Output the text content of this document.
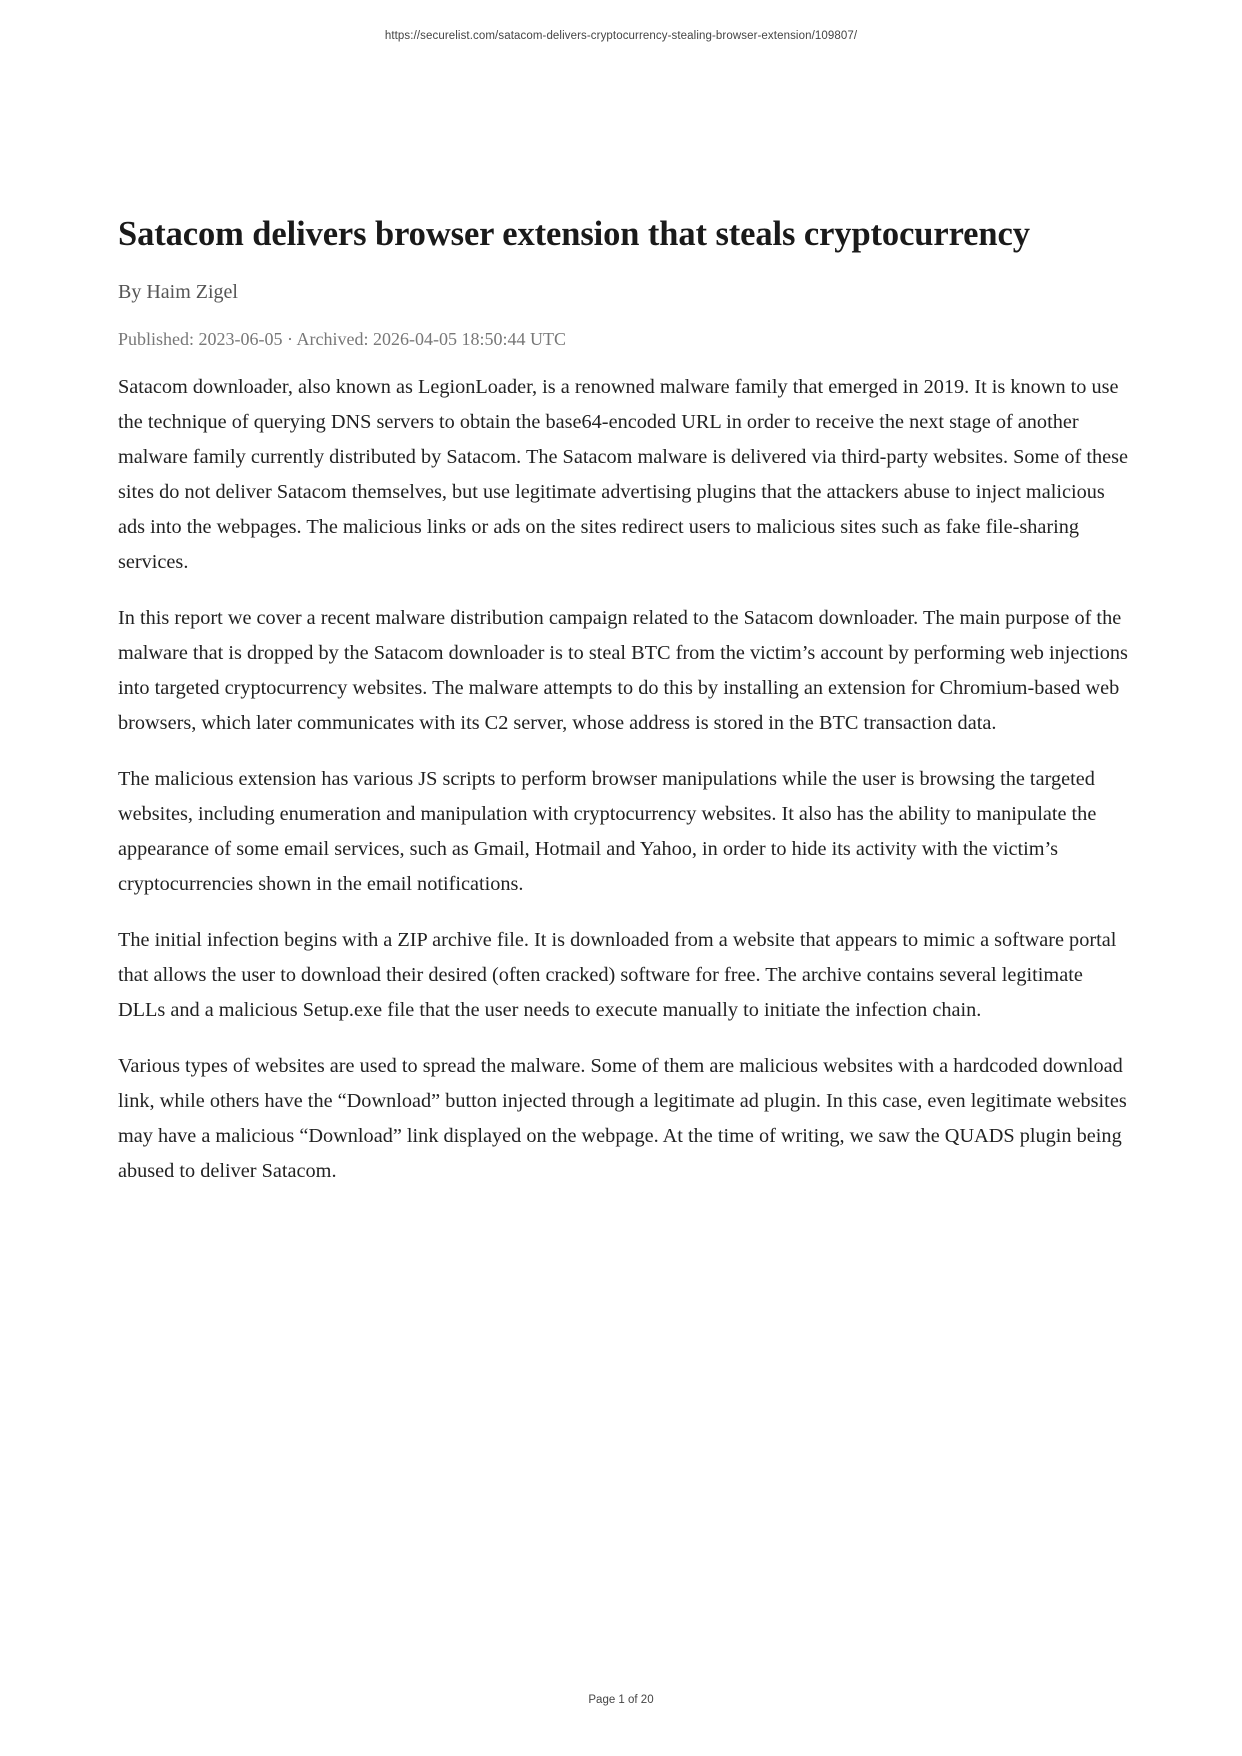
https://securelist.com/satacom-delivers-cryptocurrency-stealing-browser-extension/109807/
Satacom delivers browser extension that steals cryptocurrency
By Haim Zigel
Published: 2023-06-05 · Archived: 2026-04-05 18:50:44 UTC

Satacom downloader, also known as LegionLoader, is a renowned malware family that emerged in 2019. It is known to use the technique of querying DNS servers to obtain the base64-encoded URL in order to receive the next stage of another malware family currently distributed by Satacom. The Satacom malware is delivered via third-party websites. Some of these sites do not deliver Satacom themselves, but use legitimate advertising plugins that the attackers abuse to inject malicious ads into the webpages. The malicious links or ads on the sites redirect users to malicious sites such as fake file-sharing services.

In this report we cover a recent malware distribution campaign related to the Satacom downloader. The main purpose of the malware that is dropped by the Satacom downloader is to steal BTC from the victim’s account by performing web injections into targeted cryptocurrency websites. The malware attempts to do this by installing an extension for Chromium-based web browsers, which later communicates with its C2 server, whose address is stored in the BTC transaction data.

The malicious extension has various JS scripts to perform browser manipulations while the user is browsing the targeted websites, including enumeration and manipulation with cryptocurrency websites. It also has the ability to manipulate the appearance of some email services, such as Gmail, Hotmail and Yahoo, in order to hide its activity with the victim’s cryptocurrencies shown in the email notifications.

The initial infection begins with a ZIP archive file. It is downloaded from a website that appears to mimic a software portal that allows the user to download their desired (often cracked) software for free. The archive contains several legitimate DLLs and a malicious Setup.exe file that the user needs to execute manually to initiate the infection chain.

Various types of websites are used to spread the malware. Some of them are malicious websites with a hardcoded download link, while others have the “Download” button injected through a legitimate ad plugin. In this case, even legitimate websites may have a malicious “Download” link displayed on the webpage. At the time of writing, we saw the QUADS plugin being abused to deliver Satacom.

Page 1 of 20
